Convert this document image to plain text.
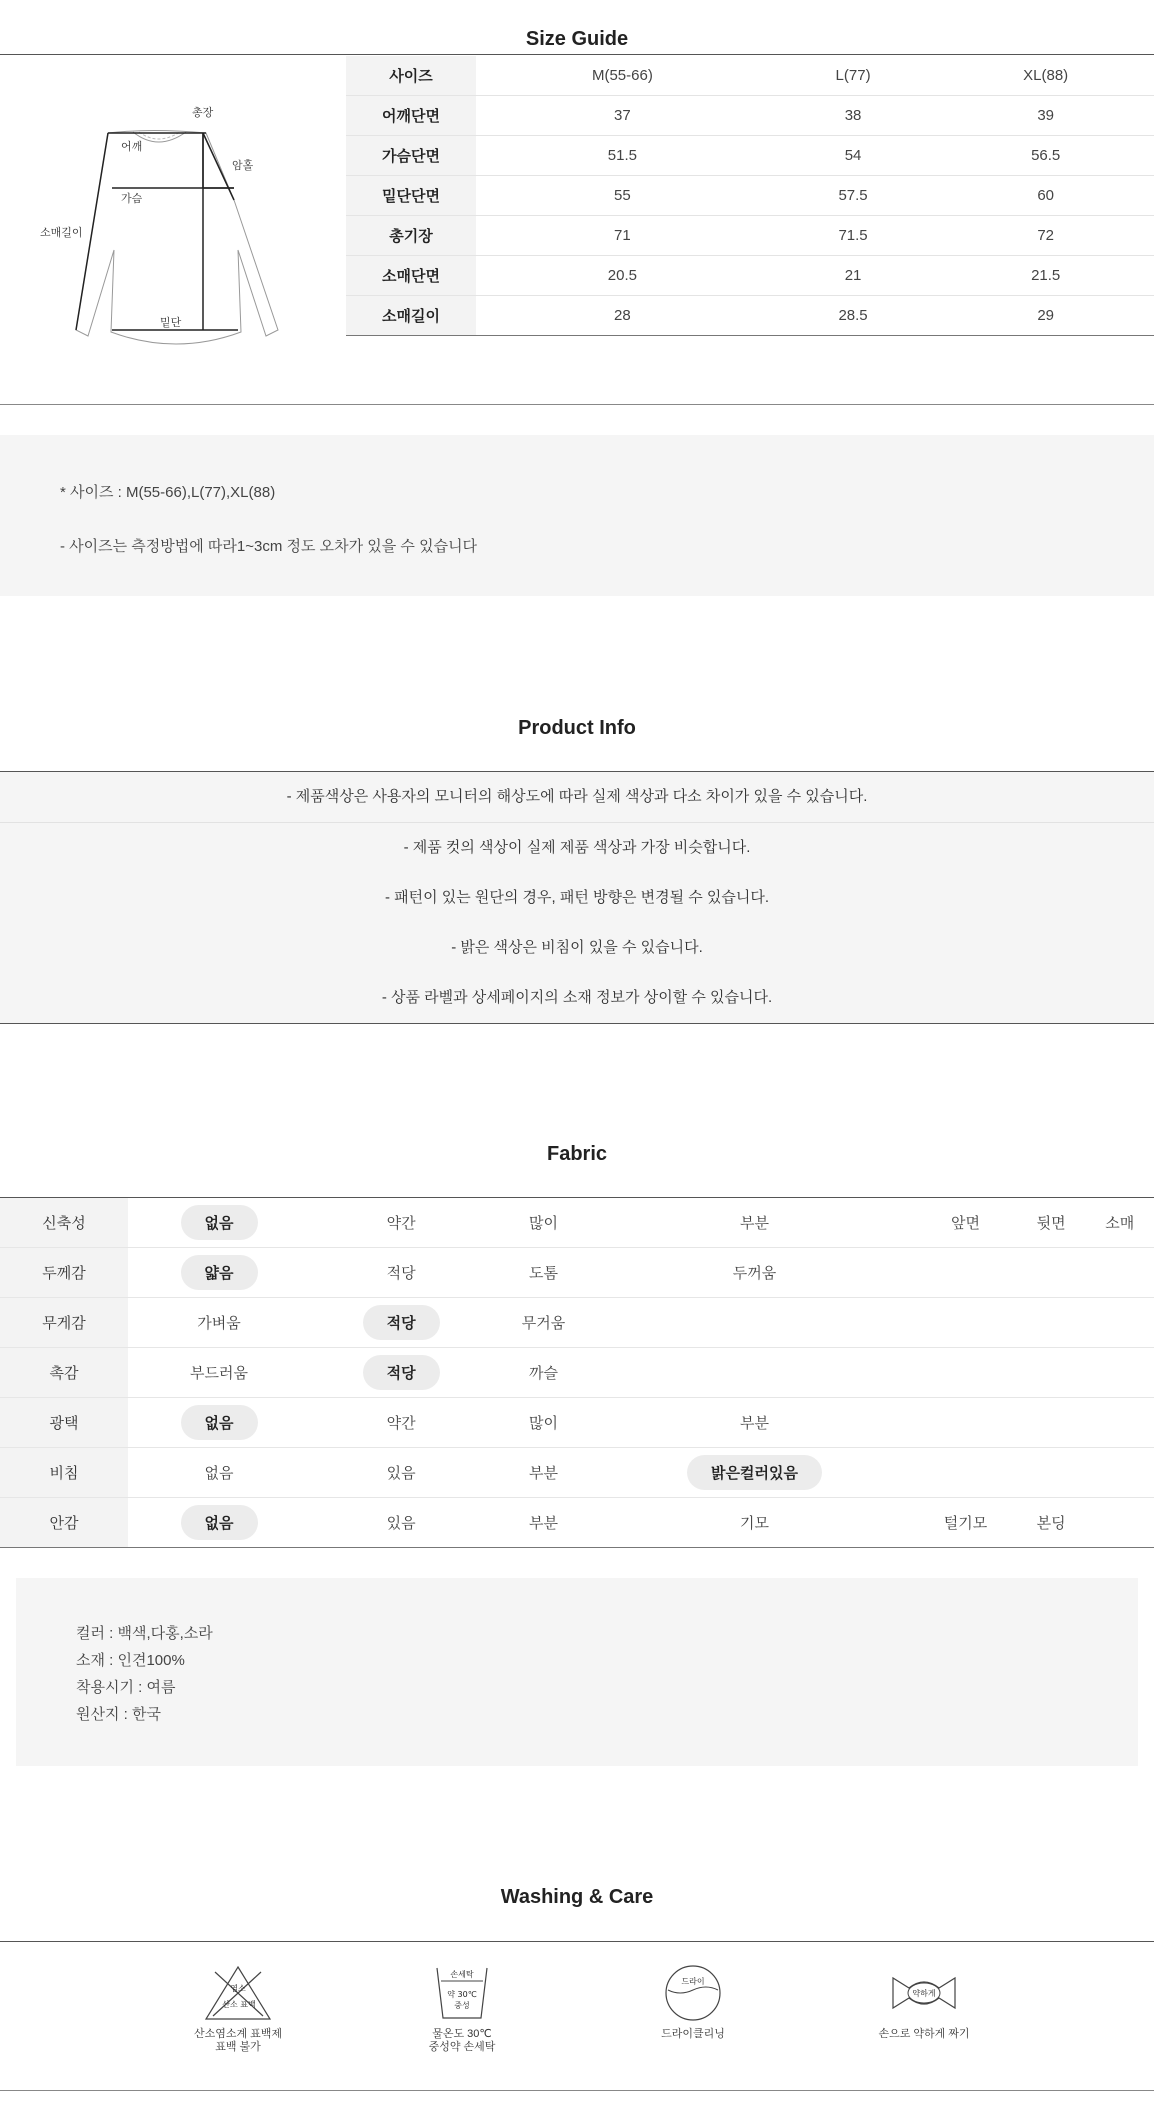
Size Guide
총장
어깨
암홀
가슴
소매길이
밑단
사이즈	M(55-66)	L(77)	XL(88)
어깨단면	37	38	39
가슴단면	51.5	54	56.5
밑단단면	55	57.5	60
총기장	71	71.5	72
소매단면	20.5	21	21.5
소매길이	28	28.5	29
* 사이즈 : M(55-66),L(77),XL(88)
- 사이즈는 측정방법에 따라1~3cm 정도 오차가 있을 수 있습니다
Product Info
- 제품색상은 사용자의 모니터의 해상도에 따라 실제 색상과 다소 차이가 있을 수 있습니다.
- 제품 컷의 색상이 실제 제품 색상과 가장 비슷합니다.
- 패턴이 있는 원단의 경우, 패턴 방향은 변경될 수 있습니다.
- 밝은 색상은 비침이 있을 수 있습니다.
- 상품 라벨과 상세페이지의 소재 정보가 상이할 수 있습니다.
Fabric
신축성	없음	약간	많이	부분	앞면	뒷면	소매
두께감	얇음	적당	도톰	두꺼움			
무게감	가벼움	적당	무거움				
촉감	부드러움	적당	까슬				
광택	없음	약간	많이	부분			
비침	없음	있음	부분	밝은컬러있음			
안감	없음	있음	부분	기모	털기모	본딩	
컬러 : 백색,다홍,소라
소재 : 인견100%
착용시기 : 여름
원산지 : 한국
Washing & Care
염소
산소 표백
산소염소계 표백제
표백 불가
손세탁
약 30℃
중성
물온도 30℃
중성약 손세탁
드라이
드라이클리닝
약하게
손으로 약하게 짜기
